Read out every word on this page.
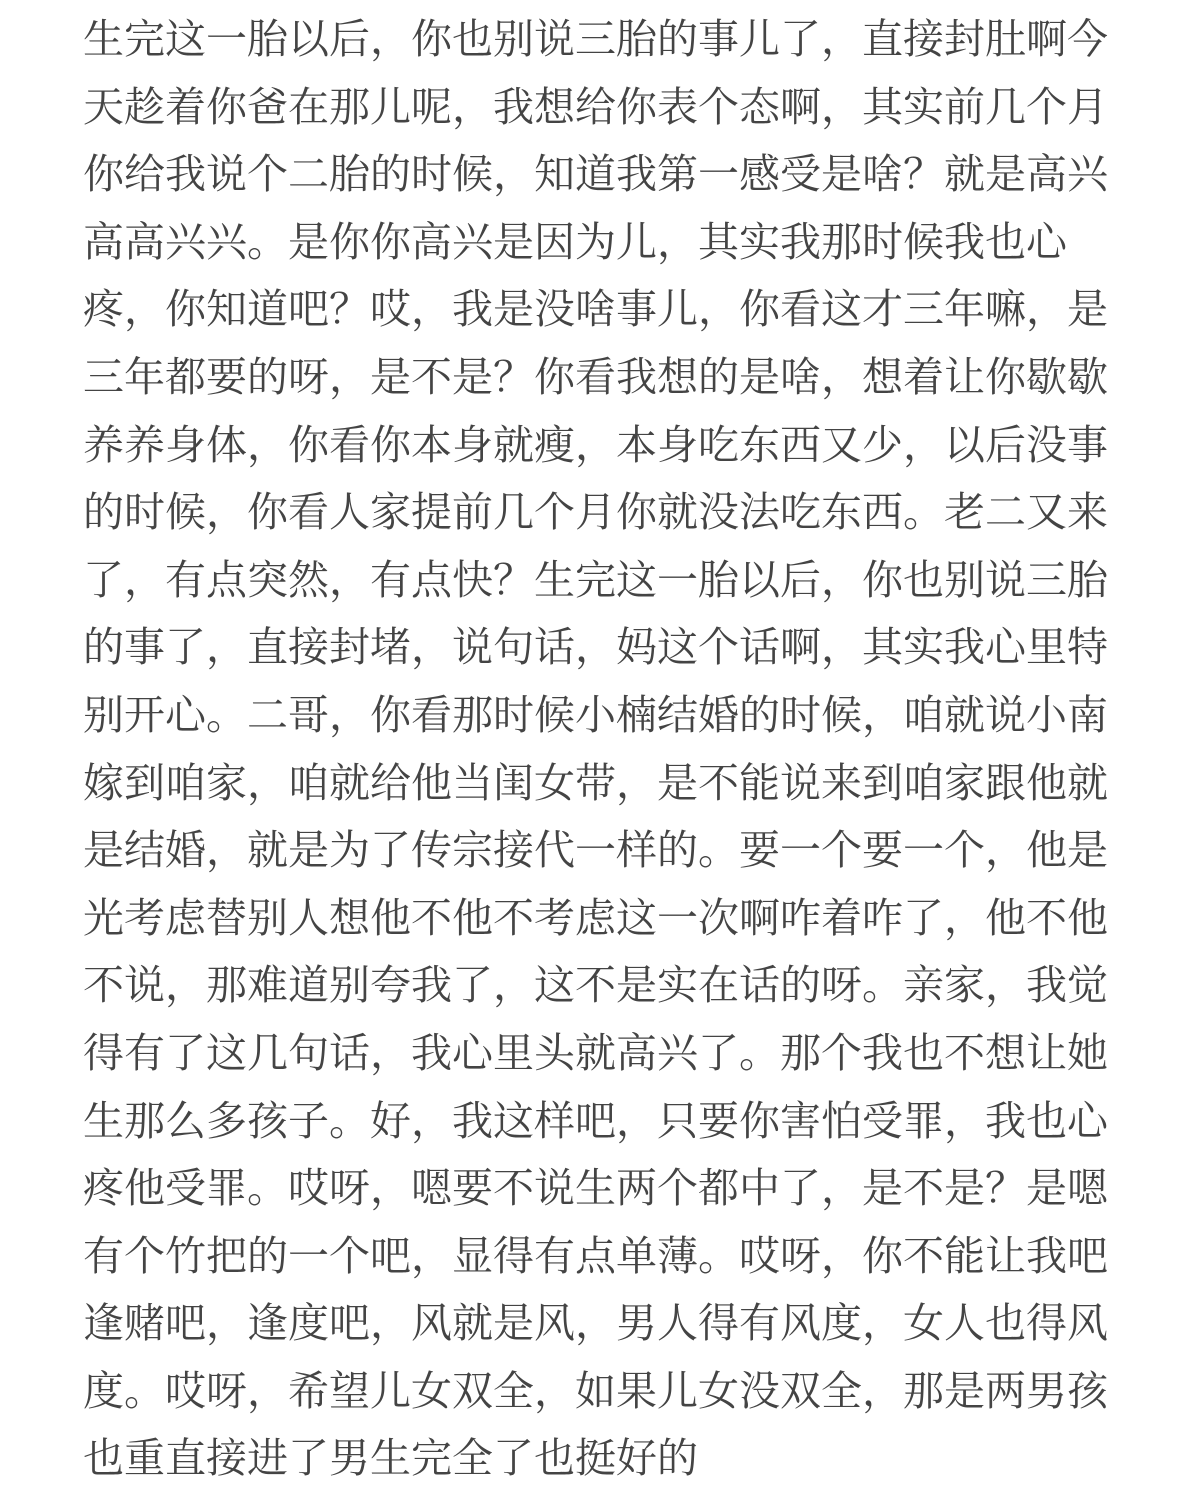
生完这一胎以后，你也别说三胎的事儿了，直接封肚啊今
天趁着你爸在那儿呢，我想给你表个态啊，其实前几个月
你给我说个二胎的时候，知道我第一感受是啥？就是高兴
高高兴兴。是你你高兴是因为儿，其实我那时候我也心
疼，你知道吧？哎，我是没啥事儿，你看这才三年嘛，是
三年都要的呀，是不是？你看我想的是啥，想着让你歇歇
养养身体，你看你本身就瘦，本身吃东西又少，以后没事
的时候，你看人家提前几个月你就没法吃东西。老二又来
了，有点突然，有点快？生完这一胎以后，你也别说三胎
的事了，直接封堵，说句话，妈这个话啊，其实我心里特
别开心。二哥，你看那时候小楠结婚的时候，咱就说小南
嫁到咱家，咱就给他当闺女带，是不能说来到咱家跟他就
是结婚，就是为了传宗接代一样的。要一个要一个，他是
光考虑替别人想他不他不考虑这一次啊咋着咋了，他不他
不说，那难道别夸我了，这不是实在话的呀。亲家，我觉
得有了这几句话，我心里头就高兴了。那个我也不想让她
生那么多孩子。好，我这样吧，只要你害怕受罪，我也心
疼他受罪。哎呀，嗯要不说生两个都中了，是不是？是嗯
有个竹把的一个吧，显得有点单薄。哎呀，你不能让我吧
逢赌吧，逢度吧，风就是风，男人得有风度，女人也得风
度。哎呀，希望儿女双全，如果儿女没双全，那是两男孩
也重直接进了男生完全了也挺好的
